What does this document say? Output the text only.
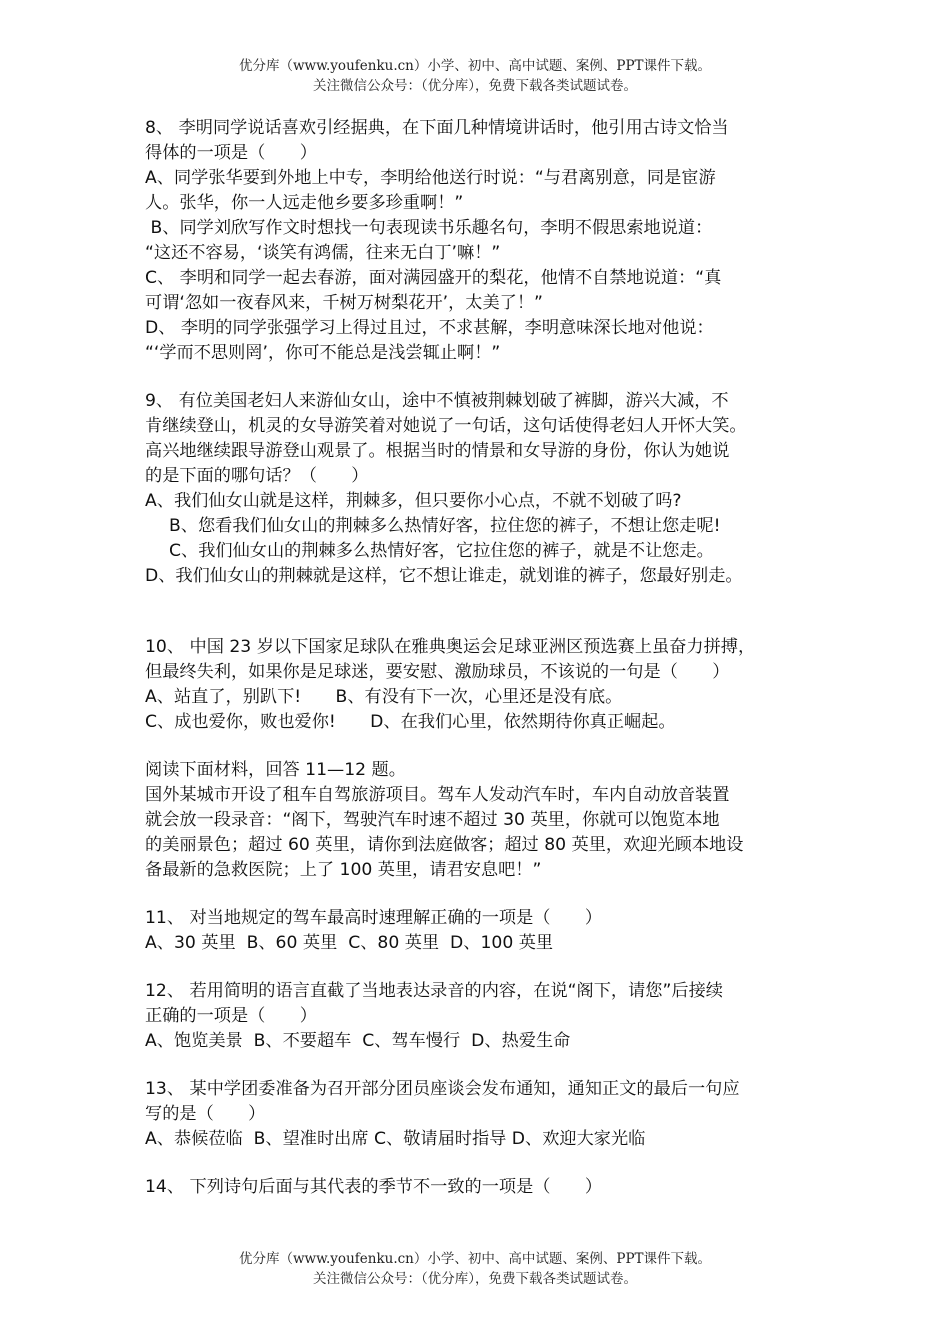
优分库（www.youfenku.cn）小学、初中、高中试题、案例、PPT课件下载。
关注微信公众号：（优分库），免费下载各类试题试卷。
8、 李明同学说话喜欢引经据典，在下面几种情境讲话时，他引用古诗文恰当
得体的一项是（　　）
A、同学张华要到外地上中专，李明给他送行时说：“与君离别意，同是宦游
人。张华，你一人远走他乡要多珍重啊！”
B、同学刘欣写作文时想找一句表现读书乐趣名句，李明不假思索地说道：
“这还不容易，‘谈笑有鸿儒，往来无白丁’嘛！”
C、 李明和同学一起去春游，面对满园盛开的梨花，他情不自禁地说道：“真
可谓‘忽如一夜春风来，千树万树梨花开’，太美了！”
D、 李明的同学张强学习上得过且过，不求甚解，李明意味深长地对他说：
“‘学而不思则罔’，你可不能总是浅尝辄止啊！”
9、 有位美国老妇人来游仙女山，途中不慎被荆棘划破了裤脚，游兴大减，不
肯继续登山，机灵的女导游笑着对她说了一句话，这句话使得老妇人开怀大笑。
高兴地继续跟导游登山观景了。根据当时的情景和女导游的身份，你认为她说
的是下面的哪句话？（　　）
A、我们仙女山就是这样，荆棘多，但只要你小心点，不就不划破了吗?
B、您看我们仙女山的荆棘多么热情好客，拉住您的裤子，不想让您走呢!
C、我们仙女山的荆棘多么热情好客，它拉住您的裤子，就是不让您走。
D、我们仙女山的荆棘就是这样，它不想让谁走，就划谁的裤子，您最好别走。
10、 中国 23 岁以下国家足球队在雅典奥运会足球亚洲区预选赛上虽奋力拼搏，
但最终失利，如果你是足球迷，要安慰、激励球员，不该说的一句是（　　）
A、站直了，别趴下!　　B、有没有下一次，心里还是没有底。
C、成也爱你，败也爱你!　　D、在我们心里，依然期待你真正崛起。
阅读下面材料，回答 11—12 题。
国外某城市开设了租车自驾旅游项目。驾车人发动汽车时，车内自动放音装置
就会放一段录音：“阁下，驾驶汽车时速不超过 30 英里，你就可以饱览本地
的美丽景色；超过 60 英里，请你到法庭做客；超过 80 英里，欢迎光顾本地设
备最新的急救医院；上了 100 英里，请君安息吧！”
11、 对当地规定的驾车最高时速理解正确的一项是（　　）
A、30 英里  B、60 英里  C、80 英里  D、100 英里
12、 若用简明的语言直截了当地表达录音的内容，在说“阁下，请您”后接续
正确的一项是（　　）
A、饱览美景  B、不要超车  C、驾车慢行  D、热爱生命
13、 某中学团委准备为召开部分团员座谈会发布通知，通知正文的最后一句应
写的是（　　）
A、恭候莅临  B、望准时出席 C、敬请届时指导 D、欢迎大家光临
14、 下列诗句后面与其代表的季节不一致的一项是（　　）
优分库（www.youfenku.cn）小学、初中、高中试题、案例、PPT课件下载。
关注微信公众号：（优分库），免费下载各类试题试卷。
